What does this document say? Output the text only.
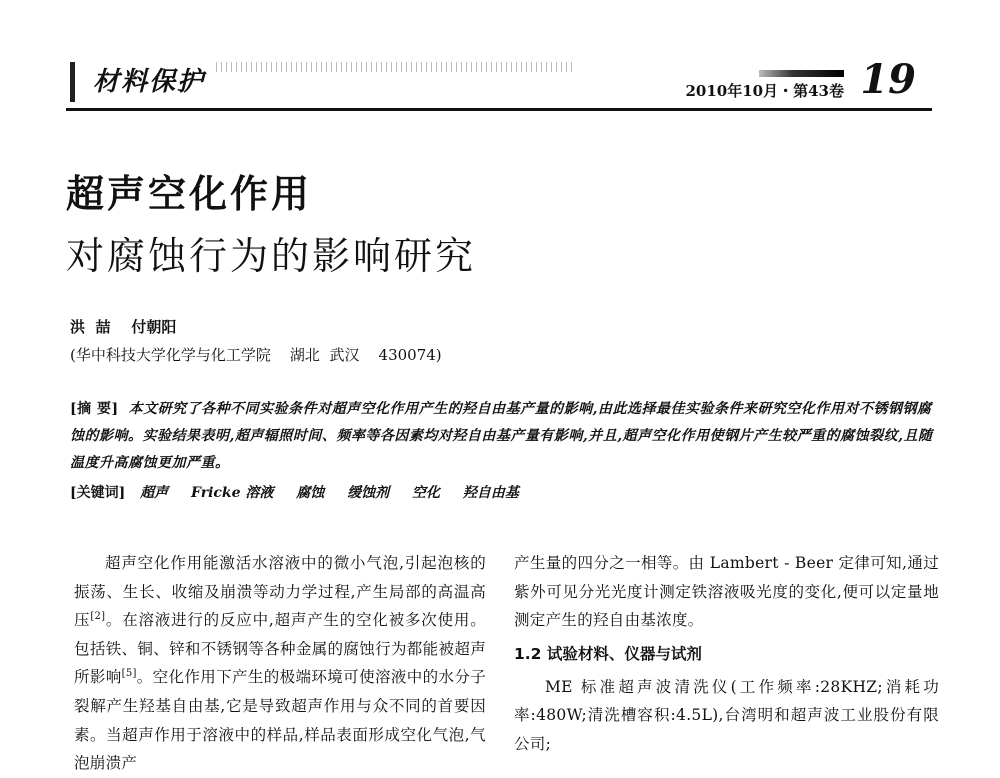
材料保护	2010年10月・第43卷 19
超声空化作用
对腐蚀行为的影响研究
洪  喆    付朝阳
(华中科技大学化学与化工学院    湖北  武汉    430074)
[摘 要] 本文研究了各种不同实验条件对超声空化作用产生的羟自由基产量的影响,由此选择最佳实验条件来研究空化作用对不锈钢钢腐蚀的影响。实验结果表明,超声辐照时间、频率等各因素均对羟自由基产量有影响,并且,超声空化作用使钢片产生较严重的腐蚀裂纹,且随温度升高腐蚀更加严重。
[关键词] 超声 Fricke 溶液 腐蚀 缓蚀剂 空化 羟自由基

超声空化作用能激活水溶液中的微小气泡,引起泡核的振荡、生长、收缩及崩溃等动力学过程,产生局部的高温高压[2]。在溶液进行的反应中,超声产生的空化被多次使用。包括铁、铜、锌和不锈钢等各种金属的腐蚀行为都能被超声所影响[5]。空化作用下产生的极端环境可使溶液中的水分子裂解产生羟基自由基,它是导致超声作用与众不同的首要因素。当超声作用于溶液中的样品,样品表面形成空化气泡,气泡崩溃产

产生量的四分之一相等。由 Lambert - Beer 定律可知,通过紫外可见分光光度计测定铁溶液吸光度的变化,便可以定量地测定产生的羟自由基浓度。

1.2 试验材料、仪器与试剂

ME 标准超声波清洗仪(工作频率:28KHZ;消耗功率:480W;清洗槽容积:4.5L),台湾明和超声波工业股份有限公司;
